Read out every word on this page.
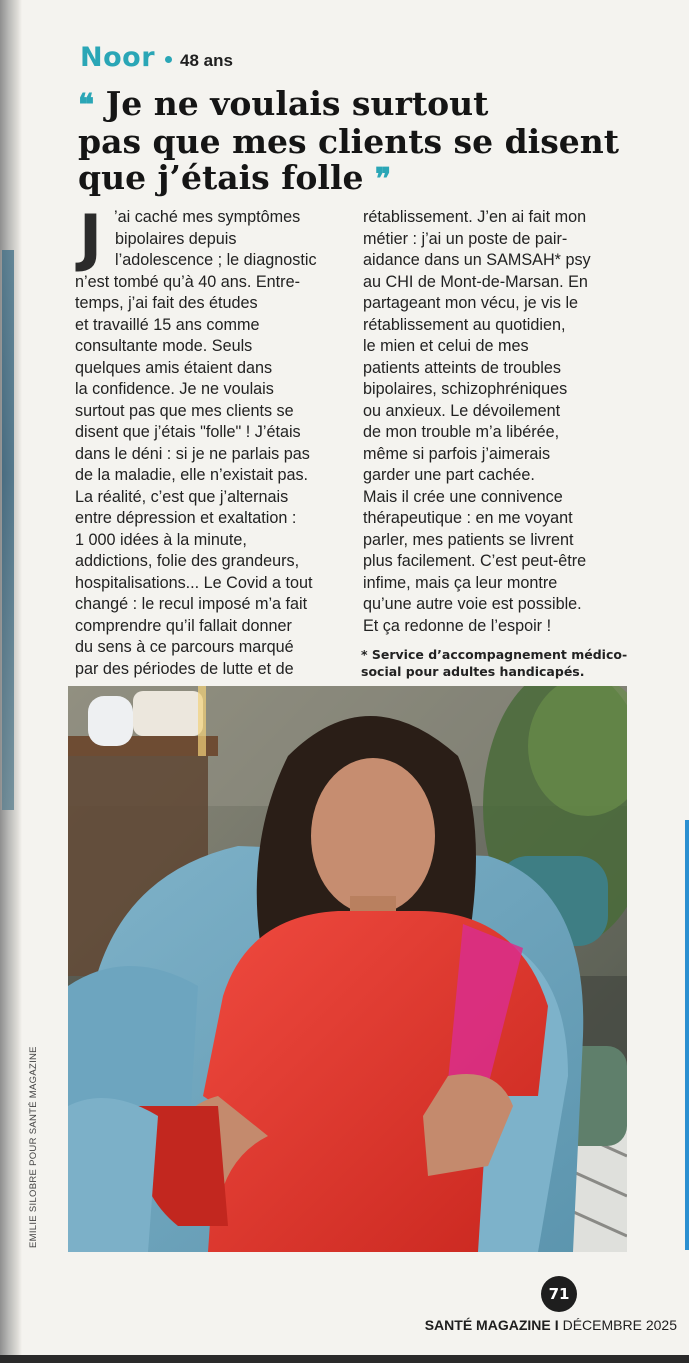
Noor 48 ans
❝ Je ne voulais surtout
pas que mes clients se disent
que j’étais folle ❞
J ’ai caché mes symptômes
bipolaires depuis
l’adolescence ; le diagnostic
n’est tombé qu’à 40 ans. Entre-
temps, j’ai fait des études
et travaillé 15 ans comme
consultante mode. Seuls
quelques amis étaient dans
la confidence. Je ne voulais
surtout pas que mes clients se
disent que j’étais "folle" ! J’étais
dans le déni : si je ne parlais pas
de la maladie, elle n’existait pas.
La réalité, c’est que j’alternais
entre dépression et exaltation :
1 000 idées à la minute,
addictions, folie des grandeurs,
hospitalisations... Le Covid a tout
changé : le recul imposé m’a fait
comprendre qu’il fallait donner
du sens à ce parcours marqué
par des périodes de lutte et de
rétablissement. J’en ai fait mon
métier : j’ai un poste de pair-
aidance dans un SAMSAH* psy
au CHI de Mont-de-Marsan. En
partageant mon vécu, je vis le
rétablissement au quotidien,
le mien et celui de mes
patients atteints de troubles
bipolaires, schizophréniques
ou anxieux. Le dévoilement
de mon trouble m’a libérée,
même si parfois j’aimerais
garder une part cachée.
Mais il crée une connivence
thérapeutique : en me voyant
parler, mes patients se livrent
plus facilement. C’est peut-être
infime, mais ça leur montre
qu’une autre voie est possible.
Et ça redonne de l’espoir !
* Service d’accompagnement médico-social pour adultes handicapés.
EMILIE SILOBRE POUR SANTÉ MAGAZINE
71
SANTÉ MAGAZINE I DÉCEMBRE 2025
